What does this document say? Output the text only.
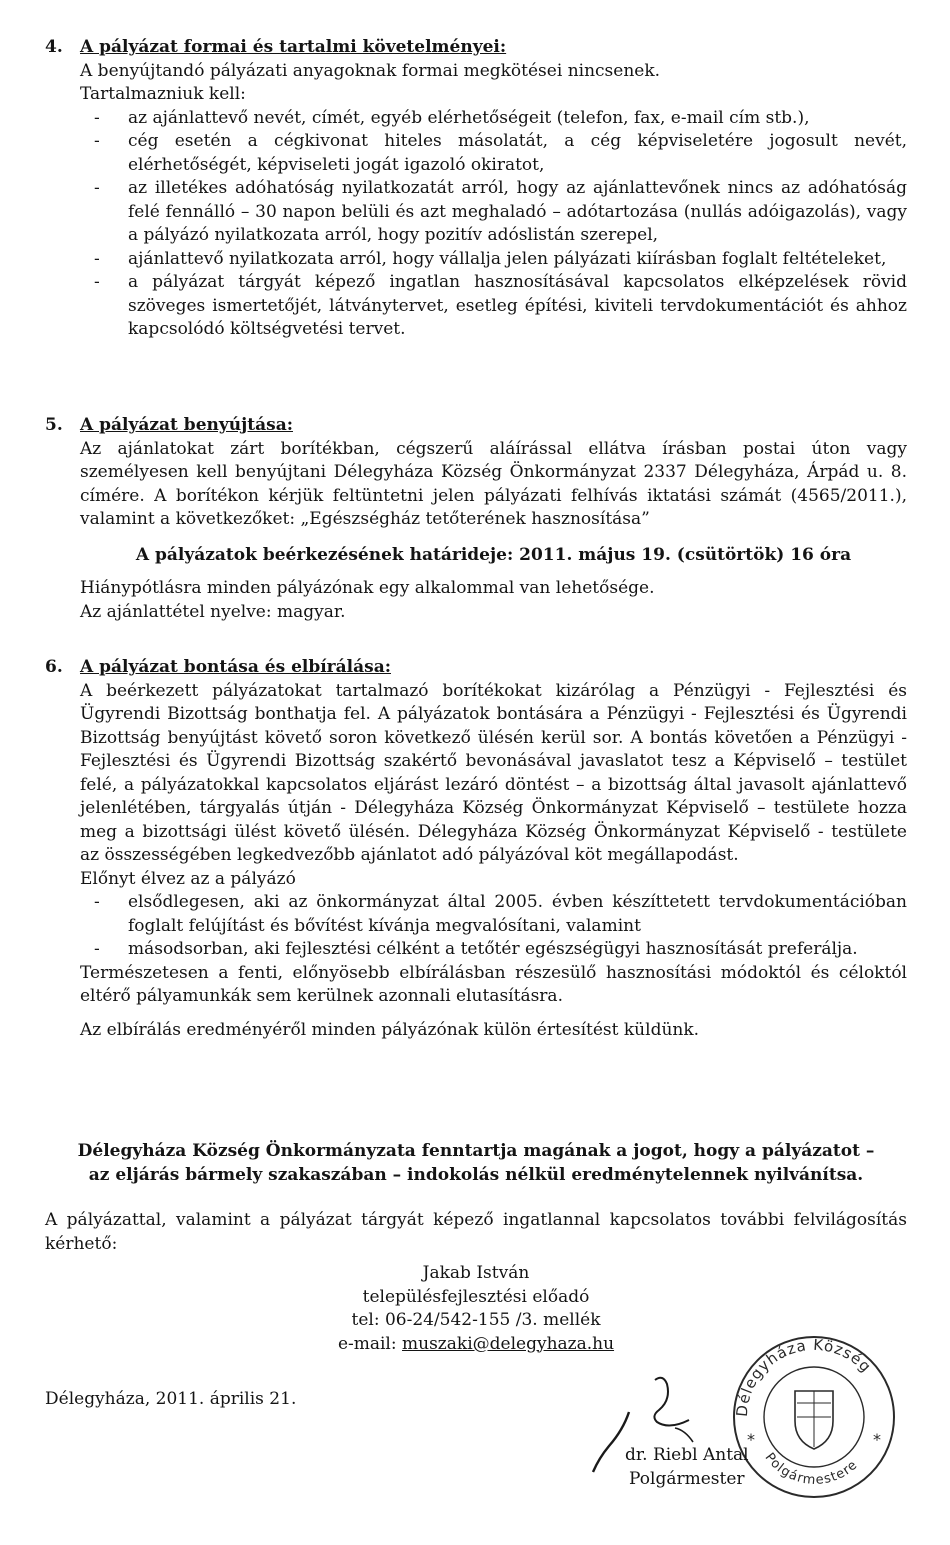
4.	A pályázat formai és tartalmi követelményei:

A benyújtandó pályázati anyagoknak formai megkötései nincsenek.

Tartalmazniuk kell:

- az ajánlattevő nevét, címét, egyéb elérhetőségeit (telefon, fax, e-mail cím stb.),
- cég esetén a cégkivonat hiteles másolatát, a cég képviseletére jogosult nevét, elérhetőségét, képviseleti jogát igazoló okiratot,
- az illetékes adóhatóság nyilatkozatát arról, hogy az ajánlattevőnek nincs az adóhatóság felé fennálló – 30 napon belüli és azt meghaladó – adótartozása (nullás adóigazolás), vagy a pályázó nyilatkozata arról, hogy pozitív adóslistán szerepel,
- ajánlattevő nyilatkozata arról, hogy vállalja jelen pályázati kiírásban foglalt feltételeket,
- a pályázat tárgyát képező ingatlan hasznosításával kapcsolatos elképzelések rövid szöveges ismertetőjét, látványtervet, esetleg építési, kiviteli tervdokumentációt és ahhoz kapcsolódó költségvetési tervet.
5.	A pályázat benyújtása:

Az ajánlatokat zárt borítékban, cégszerű aláírással ellátva írásban postai úton vagy személyesen kell benyújtani Délegyháza Község Önkormányzat 2337 Délegyháza, Árpád u. 8. címére. A borítékon kérjük feltüntetni jelen pályázati felhívás iktatási számát (4565/2011.), valamint a következőket: „Egészségház tetőterének hasznosítása”

A pályázatok beérkezésének határideje: 2011. május 19. (csütörtök) 16 óra

Hiánypótlásra minden pályázónak egy alkalommal van lehetősége.

Az ajánlattétel nyelve: magyar.

6.	A pályázat bontása és elbírálása:

A beérkezett pályázatokat tartalmazó borítékokat kizárólag a Pénzügyi - Fejlesztési és Ügyrendi Bizottság bonthatja fel. A pályázatok bontására a Pénzügyi - Fejlesztési és Ügyrendi Bizottság benyújtást követő soron következő ülésén kerül sor. A bontás követően a Pénzügyi - Fejlesztési és Ügyrendi Bizottság szakértő bevonásával javaslatot tesz a Képviselő – testület felé, a pályázatokkal kapcsolatos eljárást lezáró döntést – a bizottság által javasolt ajánlattevő jelenlétében, tárgyalás útján - Délegyháza Község Önkormányzat Képviselő – testülete hozza meg a bizottsági ülést követő ülésén. Délegyháza Község Önkormányzat Képviselő - testülete az összességében legkedvezőbb ajánlatot adó pályázóval köt megállapodást.

Előnyt élvez az a pályázó

- elsődlegesen, aki az önkormányzat által 2005. évben készíttetett tervdokumentációban foglalt felújítást és bővítést kívánja megvalósítani, valamint
- másodsorban, aki fejlesztési célként a tetőtér egészségügyi hasznosítását preferálja.

Természetesen a fenti, előnyösebb elbírálásban részesülő hasznosítási módoktól és céloktól eltérő pályamunkák sem kerülnek azonnali elutasításra.

Az elbírálás eredményéről minden pályázónak külön értesítést küldünk.

Délegyháza Község Önkormányzata fenntartja magának a jogot, hogy a pályázatot –

az eljárás bármely szakaszában – indokolás nélkül eredménytelennek nyilvánítsa.

A pályázattal, valamint a pályázat tárgyát képező ingatlannal kapcsolatos további felvilágosítás kérhető:

Jakab István

településfejlesztési előadó

tel: 06-24/542-155 /3. mellék

e-mail: muszaki@delegyhaza.hu

Délegyháza, 2011. április 21.

Délegyháza Község
Polgármestere
*	*

dr. Riebl Antal

Polgármester
